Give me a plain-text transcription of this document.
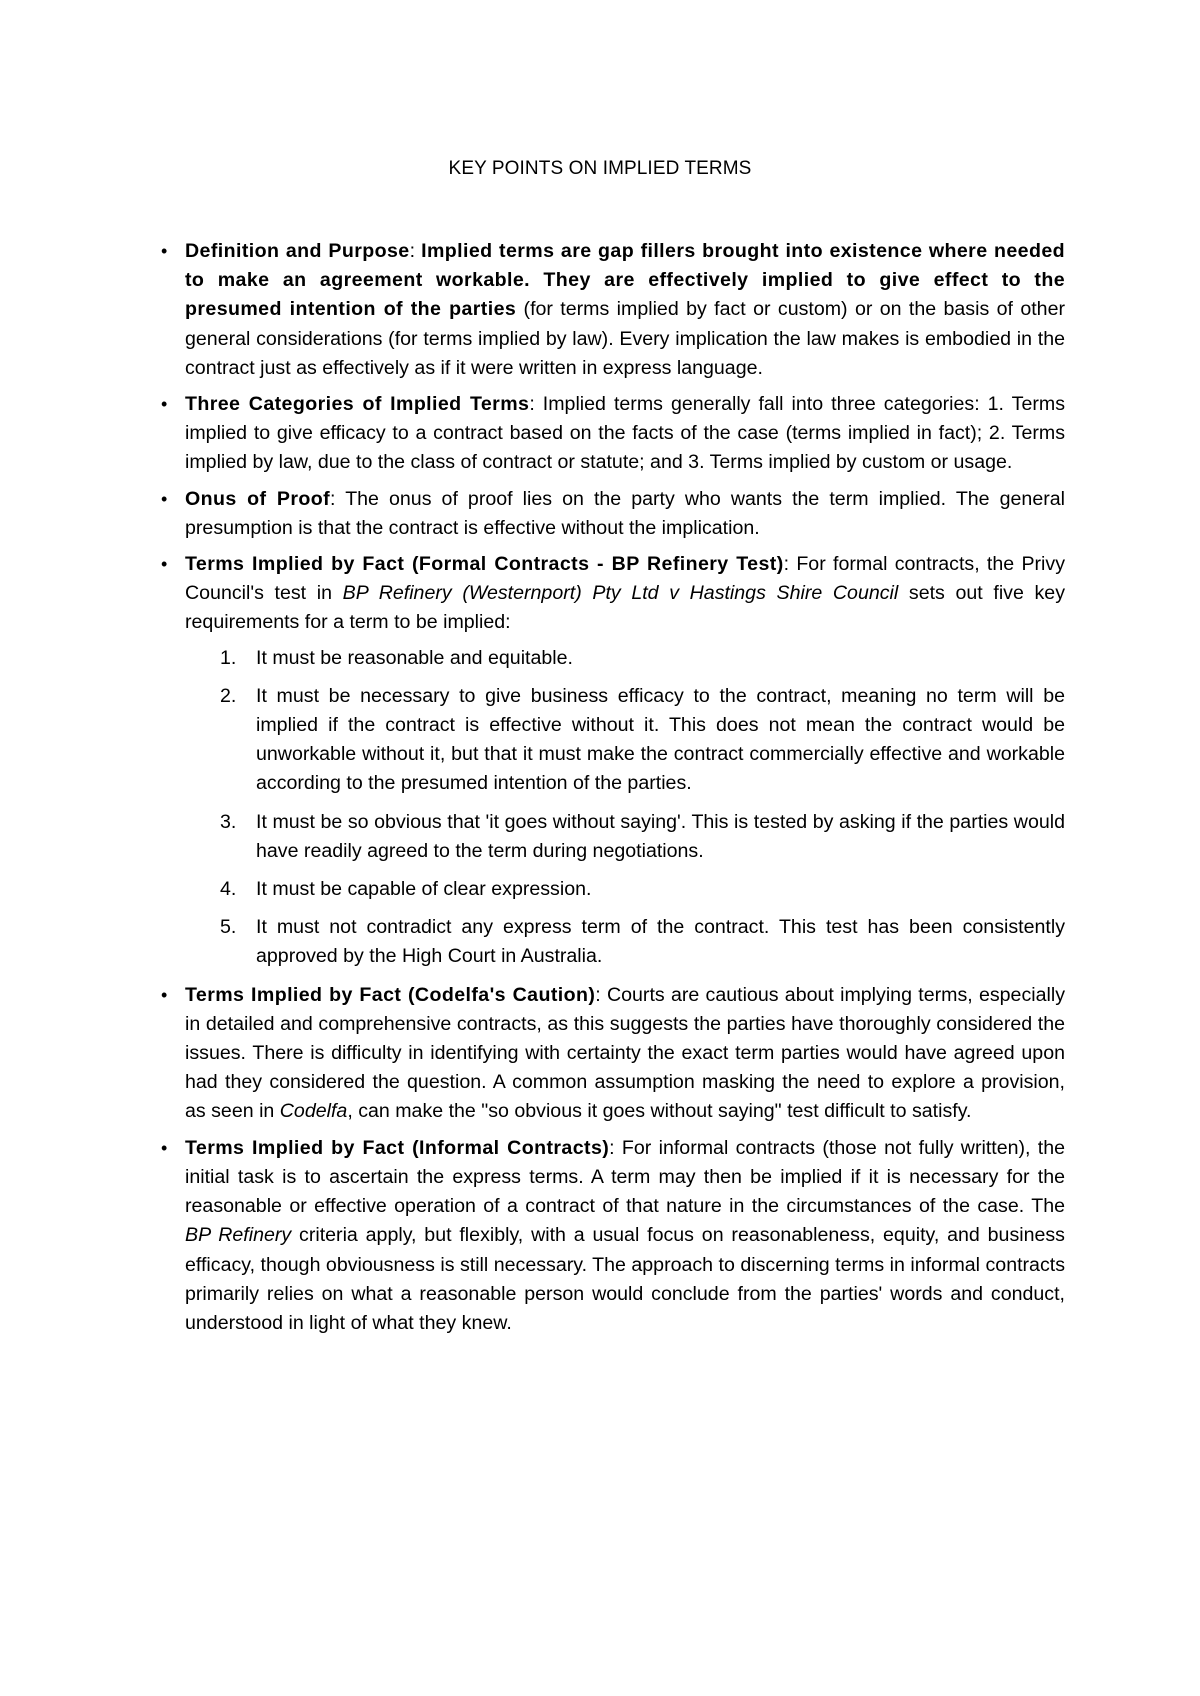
KEY POINTS ON IMPLIED TERMS
• Definition and Purpose: Implied terms are gap fillers brought into existence where needed to make an agreement workable. They are effectively implied to give effect to the presumed intention of the parties (for terms implied by fact or custom) or on the basis of other general considerations (for terms implied by law). Every implication the law makes is embodied in the contract just as effectively as if it were written in express language.
• Three Categories of Implied Terms: Implied terms generally fall into three categories: 1. Terms implied to give efficacy to a contract based on the facts of the case (terms implied in fact); 2. Terms implied by law, due to the class of contract or statute; and 3. Terms implied by custom or usage.
• Onus of Proof: The onus of proof lies on the party who wants the term implied. The general presumption is that the contract is effective without the implication.
• Terms Implied by Fact (Formal Contracts - BP Refinery Test): For formal contracts, the Privy Council's test in BP Refinery (Westernport) Pty Ltd v Hastings Shire Council sets out five key requirements for a term to be implied:
1. It must be reasonable and equitable.
2. It must be necessary to give business efficacy to the contract, meaning no term will be implied if the contract is effective without it. This does not mean the contract would be unworkable without it, but that it must make the contract commercially effective and workable according to the presumed intention of the parties.
3. It must be so obvious that 'it goes without saying'. This is tested by asking if the parties would have readily agreed to the term during negotiations.
4. It must be capable of clear expression.
5. It must not contradict any express term of the contract. This test has been consistently approved by the High Court in Australia.
• Terms Implied by Fact (Codelfa's Caution): Courts are cautious about implying terms, especially in detailed and comprehensive contracts, as this suggests the parties have thoroughly considered the issues. There is difficulty in identifying with certainty the exact term parties would have agreed upon had they considered the question. A common assumption masking the need to explore a provision, as seen in Codelfa, can make the "so obvious it goes without saying" test difficult to satisfy.
• Terms Implied by Fact (Informal Contracts): For informal contracts (those not fully written), the initial task is to ascertain the express terms. A term may then be implied if it is necessary for the reasonable or effective operation of a contract of that nature in the circumstances of the case. The BP Refinery criteria apply, but flexibly, with a usual focus on reasonableness, equity, and business efficacy, though obviousness is still necessary. The approach to discerning terms in informal contracts primarily relies on what a reasonable person would conclude from the parties' words and conduct, understood in light of what they knew.
